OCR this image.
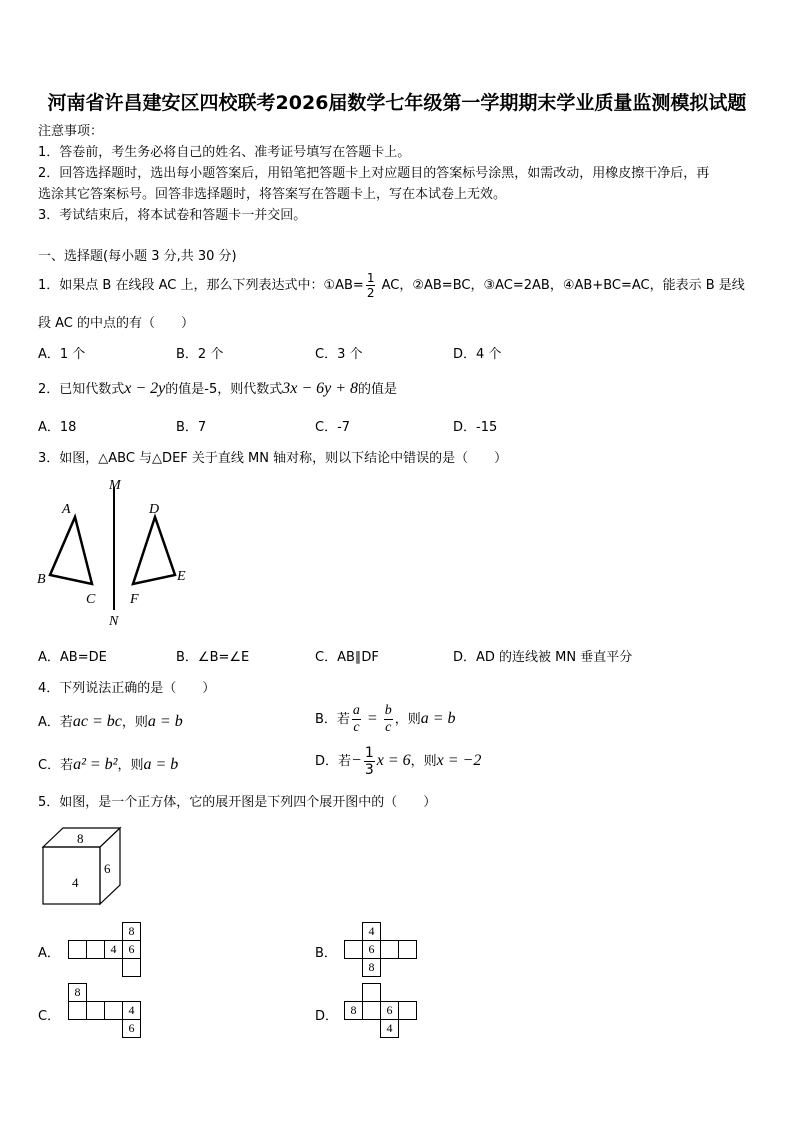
河南省许昌建安区四校联考2026届数学七年级第一学期期末学业质量监测模拟试题
注意事项：
1．答卷前，考生务必将自己的姓名、准考证号填写在答题卡上。
2．回答选择题时，选出每小题答案后，用铅笔把答题卡上对应题目的答案标号涂黑，如需改动，用橡皮擦干净后，再
选涂其它答案标号。回答非选择题时，将答案写在答题卡上，写在本试卷上无效。
3．考试结束后，将本试卷和答题卡一并交回。
一、选择题(每小题 3 分,共 30 分)
1．如果点 B 在线段 AC 上，那么下列表达式中：①AB= $\frac{1}{2}$ AC，②AB=BC，③AC=2AB，④AB+BC=AC，能表示 B 是线
段 AC 的中点的有（　　）
A．1 个	B．2 个	C．3 个	D．4 个
2．已知代数式x − 2y的值是-5，则代数式3x − 6y + 8的值是
A．18	B．7	C．-7	D．-15
3．如图，△ABC 与△DEF 关于直线 MN 轴对称，则以下结论中错误的是（　　）
M
N
A
B
C
D
E
F
A．AB=DE	B．∠B=∠E	C．AB∥DF	D．AD 的连线被 MN 垂直平分
4．下列说法正确的是（　　）
A．若ac = bc，则a = b	B．若 $\frac{a}{c} = \frac{b}{c}$ ，则a = b
C．若a² = b²，则a = b	D．若− $\frac{1}{3}$ x = 6，则x = −2
5．如图，是一个正方体，它的展开图是下列四个展开图中的（　　）
8
4
6
A．
			8
		4	6
				B．
	4		
	6		
	8		
C．
8			
			4
			6
D．
			8		6	
		4	
